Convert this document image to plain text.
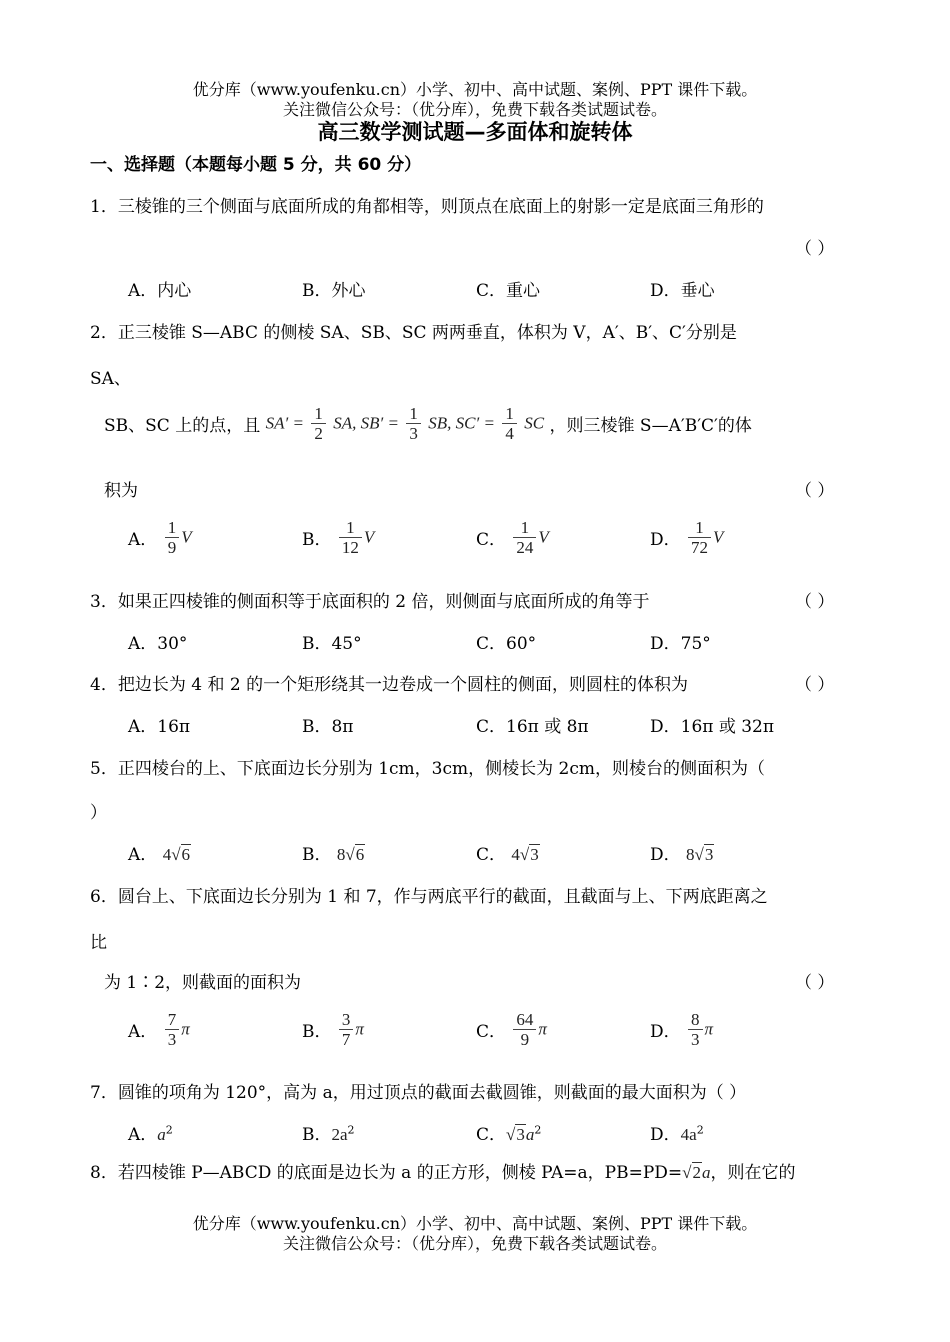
优分库（www.youfenku.cn）小学、初中、高中试题、案例、PPT 课件下载。
关注微信公众号：（优分库），免费下载各类试题试卷。
高三数学测试题—多面体和旋转体
一、选择题（本题每小题 5 分，共 60 分）
1．三棱锥的三个侧面与底面所成的角都相等，则顶点在底面上的射影一定是底面三角形的
（ ）
A．内心	B．外心	C．重心	D．垂心
2．正三棱锥 S—ABC 的侧棱 SA、SB、SC 两两垂直，体积为 V，A′、B′、C′分别是
SA、
SB、SC 上的点，且 $SA' = \frac{1}{2}$ SA, $SB' = \frac{1}{3}$ SB, $SC' = \frac{1}{4}$ SC ，则三棱锥 S—A′B′C′的体
积为	（ ）
A． $\frac{1}{9}$ V	B． $\frac{1}{12}$ V	C． $\frac{1}{24}$ V	D． $\frac{1}{72}$ V
3．如果正四棱锥的侧面积等于底面积的 2 倍，则侧面与底面所成的角等于	（ ）
A．30°	B．45°	C．60°	D．75°
4．把边长为 4 和 2 的一个矩形绕其一边卷成一个圆柱的侧面，则圆柱的体积为	（ ）
A．16π	B．8π	C．16π 或 8π	D．16π 或 32π
5．正四棱台的上、下底面边长分别为 1cm，3cm，侧棱长为 2cm，则棱台的侧面积为（
）
A． 4√6	B． 8√6	C． 4√3	D． 8√3
6．圆台上、下底面边长分别为 1 和 7，作与两底平行的截面，且截面与上、下两底距离之
比
为 1∶2，则截面的面积为	（ ）
A． $\frac{7}{3}$ π	B． $\frac{3}{7}$ π	C． $\frac{64}{9}$ π	D． $\frac{8}{3}$ π
7．圆锥的项角为 120°，高为 a，用过顶点的截面去截圆锥，则截面的最大面积为（ ）
A．$a^2$	B．$2a^2$	C．$√3a^2$	D．$4a^2$
8．若四棱锥 P—ABCD 的底面是边长为 a 的正方形，侧棱 PA=a，PB=PD=√2a，则在它的
优分库（www.youfenku.cn）小学、初中、高中试题、案例、PPT 课件下载。
关注微信公众号：（优分库），免费下载各类试题试卷。
